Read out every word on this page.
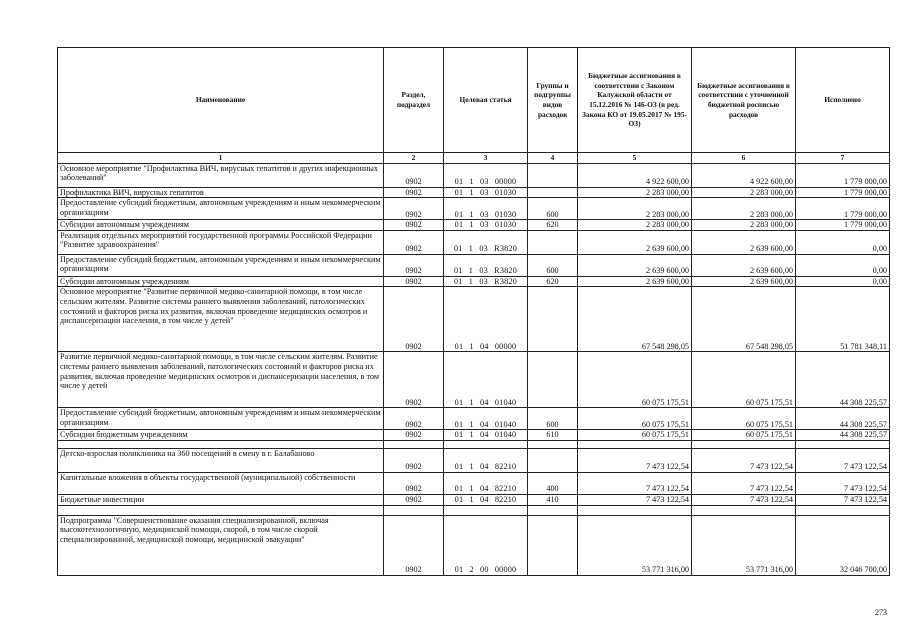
Наименование	Раздел, подраздел	Целевая статья	Группы и подгруппы видов расходов	Бюджетные ассигнования в соответствии с Законом Калужской области от 15.12.2016 № 146-ОЗ (в ред. Закона КО от 19.05.2017 № 195-ОЗ)	Бюджетные ассигнования в соответствии с уточненной бюджетной росписью расходов	Исполнено
1	2	3	4	5	6	7
Основное мероприятие "Профилактика ВИЧ, вирусных гепатитов и других инфекционных заболеваний"	0902	01 1 03 00000		4 922 600,00	4 922 600,00	1 779 000,00
Профилактика ВИЧ, вирусных гепатитов	0902	01 1 03 01030		2 283 000,00	2 283 000,00	1 779 000,00
Предоставление субсидий бюджетным, автономным учреждениям и иным некоммерческим организациям	0902	01 1 03 01030	600	2 283 000,00	2 283 000,00	1 779 000,00
Субсидии автономным учреждениям	0902	01 1 03 01030	620	2 283 000,00	2 283 000,00	1 779 000,00
Реализация отдельных мероприятий государственной программы Российской Федерации "Развитие здравоохранения"	0902	01 1 03 R3820		2 639 600,00	2 639 600,00	0,00
Предоставление субсидий бюджетным, автономным учреждениям и иным некоммерческим организациям	0902	01 1 03 R3820	600	2 639 600,00	2 639 600,00	0,00
Субсидии автономным учреждениям	0902	01 1 03 R3820	620	2 639 600,00	2 639 600,00	0,00
Основное мероприятие "Развитие первичной медико-санитарной помощи, в том числе сельским жителям. Развитие системы раннего выявления заболеваний, патологических состояний и факторов риска их развития, включая проведение медицинских осмотров и диспансеризации населения, в том числе у детей"	0902	01 1 04 00000		67 548 298,05	67 548 298,05	51 781 348,11
Развитие первичной медико-санитарной помощи, в том числе сельским жителям. Развитие системы раннего выявления заболеваний, патологических состояний и факторов риска их развития, включая проведение медицинских осмотров и диспансеризации населения, в том числе у детей	0902	01 1 04 01040		60 075 175,51	60 075 175,51	44 308 225,57
Предоставление субсидий бюджетным, автономным учреждениям и иным некоммерческим организациям	0902	01 1 04 01040	600	60 075 175,51	60 075 175,51	44 308 225,57
Субсидии бюджетным учреждениям	0902	01 1 04 01040	610	60 075 175,51	60 075 175,51	44 308 225,57

Детско-взрослая поликлиника на 360 посещений в смену в г. Балабаново	0902	01 1 04 82210		7 473 122,54	7 473 122,54	7 473 122,54
Капитальные вложения в объекты государственной (муниципальной) собственности	0902	01 1 04 82210	400	7 473 122,54	7 473 122,54	7 473 122,54
Бюджетные инвестиции	0902	01 1 04 82210	410	7 473 122,54	7 473 122,54	7 473 122,54

Подпрограмма "Совершенствование оказания специализированной, включая высокотехнологичную, медицинской помощи, скорой, в том числе скорой специализированной, медицинской помощи, медицинской эвакуации"	0902	01 2 00 00000		53 771 316,00	53 771 316,00	32 046 700,00
273
